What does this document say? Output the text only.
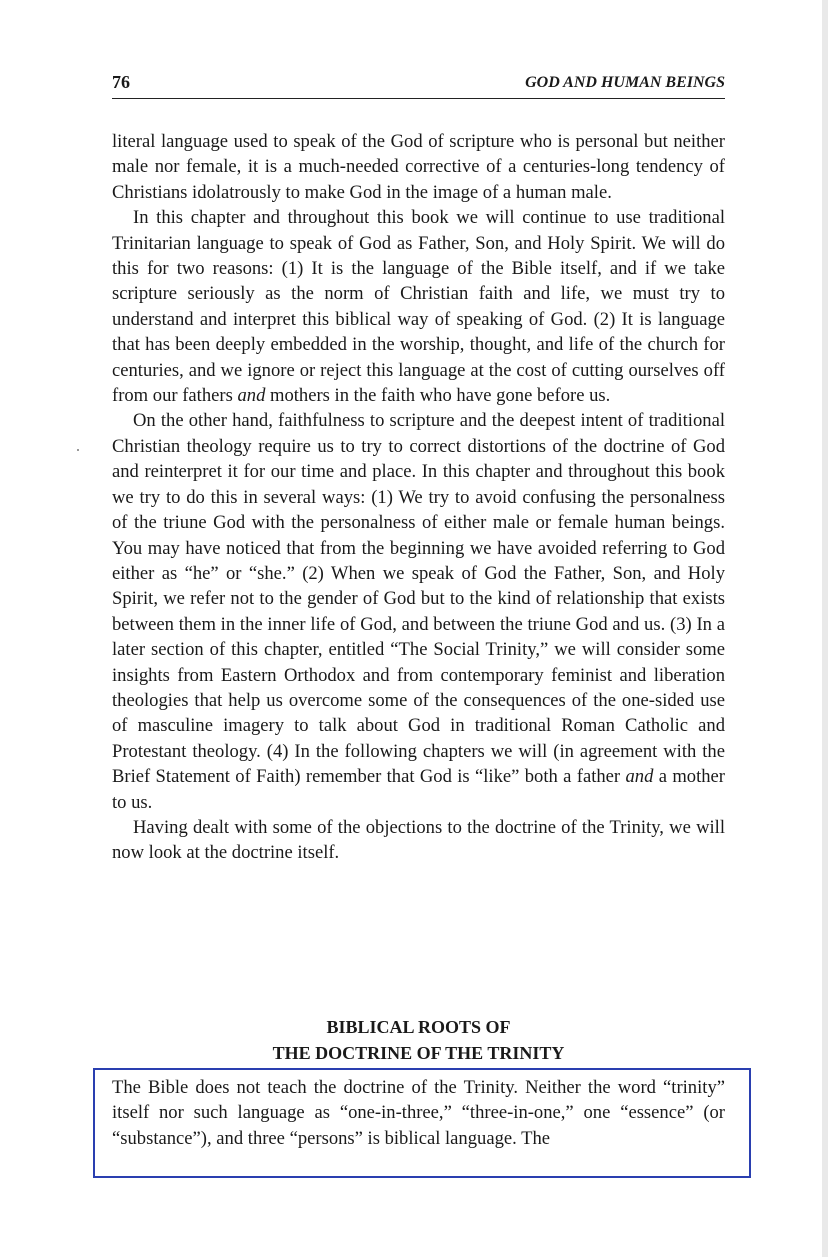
76	GOD AND HUMAN BEINGS

literal language used to speak of the God of scripture who is personal but neither male nor female, it is a much-needed corrective of a centuries-long tendency of Christians idolatrously to make God in the image of a human male.

In this chapter and throughout this book we will continue to use traditional Trinitarian language to speak of God as Father, Son, and Holy Spirit. We will do this for two reasons: (1) It is the language of the Bible itself, and if we take scripture seriously as the norm of Christian faith and life, we must try to understand and interpret this biblical way of speaking of God. (2) It is language that has been deeply embedded in the worship, thought, and life of the church for centuries, and we ignore or reject this language at the cost of cutting ourselves off from our fathers and mothers in the faith who have gone before us.

On the other hand, faithfulness to scripture and the deepest intent of traditional Christian theology require us to try to correct distortions of the doctrine of God and reinterpret it for our time and place. In this chapter and throughout this book we try to do this in several ways: (1) We try to avoid confusing the personalness of the triune God with the personalness of either male or female human beings. You may have noticed that from the beginning we have avoided referring to God either as “he” or “she.” (2) When we speak of God the Father, Son, and Holy Spirit, we refer not to the gender of God but to the kind of relationship that exists between them in the inner life of God, and between the triune God and us. (3) In a later section of this chapter, entitled “The Social Trinity,” we will consider some insights from Eastern Orthodox and from contemporary feminist and liberation theologies that help us overcome some of the consequences of the one-sided use of masculine imagery to talk about God in traditional Roman Catholic and Protestant theology. (4) In the following chapters we will (in agreement with the Brief Statement of Faith) remember that God is “like” both a father and a mother to us.

Having dealt with some of the objections to the doctrine of the Trinity, we will now look at the doctrine itself.

BIBLICAL ROOTS OF
THE DOCTRINE OF THE TRINITY

The Bible does not teach the doctrine of the Trinity. Neither the word “trinity” itself nor such language as “one-in-three,” “three-in-one,” one “essence” (or “substance”), and three “persons” is biblical language. The
